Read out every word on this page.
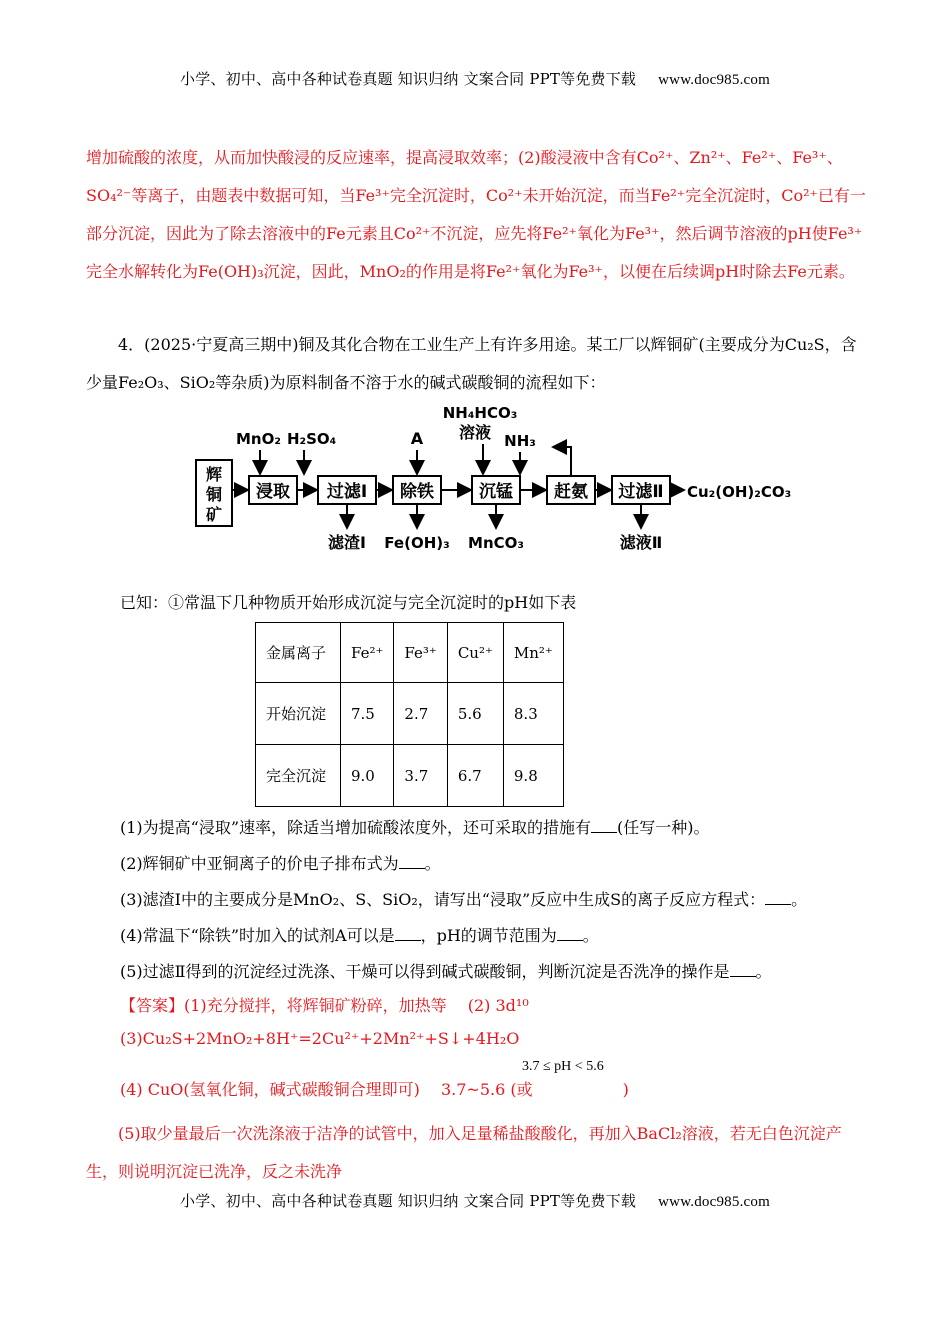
小学、初中、高中各种试卷真题 知识归纳 文案合同 PPT等免费下载 www.doc985.com
小学、初中、高中各种试卷真题 知识归纳 文案合同 PPT等免费下载 www.doc985.com
增加硫酸的浓度，从而加快酸浸的反应速率，提高浸取效率；(2)酸浸液中含有Co²⁺、Zn²⁺、Fe²⁺、Fe³⁺、SO₄²⁻等离子，由题表中数据可知，当Fe³⁺完全沉淀时，Co²⁺未开始沉淀，而当Fe²⁺完全沉淀时，Co²⁺已有一部分沉淀，因此为了除去溶液中的Fe元素且Co²⁺不沉淀，应先将Fe²⁺氧化为Fe³⁺，然后调节溶液的pH使Fe³⁺完全水解转化为Fe(OH)₃沉淀，因此，MnO₂的作用是将Fe²⁺氧化为Fe³⁺，以便在后续调pH时除去Fe元素。
4．(2025·宁夏高三期中)铜及其化合物在工业生产上有许多用途。某工厂以辉铜矿(主要成分为Cu₂S，含少量Fe₂O₃、SiO₂等杂质)为原料制备不溶于水的碱式碳酸铜的流程如下：
辉
铜
矿
浸取 过滤Ⅰ 除铁	沉锰 赶氨 过滤Ⅱ Cu₂(OH)₂CO₃
MnO₂ H₂SO₄	A
NH₄HCO₃
溶液 NH₃
滤渣Ⅰ Fe(OH)₃ MnCO₃	滤液Ⅱ
已知：①常温下几种物质开始形成沉淀与完全沉淀时的pH如下表
金属离子	Fe²⁺	Fe³⁺	Cu²⁺	Mn²⁺
开始沉淀	7.5	2.7	5.6	8.3
完全沉淀	9.0	3.7	6.7	9.8
(1)为提高“浸取”速率，除适当增加硫酸浓度外，还可采取的措施有 (任写一种)。
(2)辉铜矿中亚铜离子的价电子排布式为 。
(3)滤渣Ⅰ中的主要成分是MnO₂、S、SiO₂，请写出“浸取”反应中生成S的离子反应方程式： 。
(4)常温下“除铁”时加入的试剂A可以是 ，pH的调节范围为 。
(5)过滤Ⅱ得到的沉淀经过洗涤、干燥可以得到碱式碳酸铜，判断沉淀是否洗净的操作是 。
【答案】(1)充分搅拌，将辉铜矿粉碎，加热等　 (2) 3d¹⁰
(3)Cu₂S+2MnO₂+8H⁺=2Cu²⁺+2Mn²⁺+S↓+4H₂O
(4) CuO(氢氧化铜，碱式碳酸铜合理即可)　 3.7~5.6 (或	)
3.7 ≤ pH < 5.6
(5)取少量最后一次洗涤液于洁净的试管中，加入足量稀盐酸酸化，再加入BaCl₂溶液，若无白色沉淀产生，则说明沉淀已洗净，反之未洗净
